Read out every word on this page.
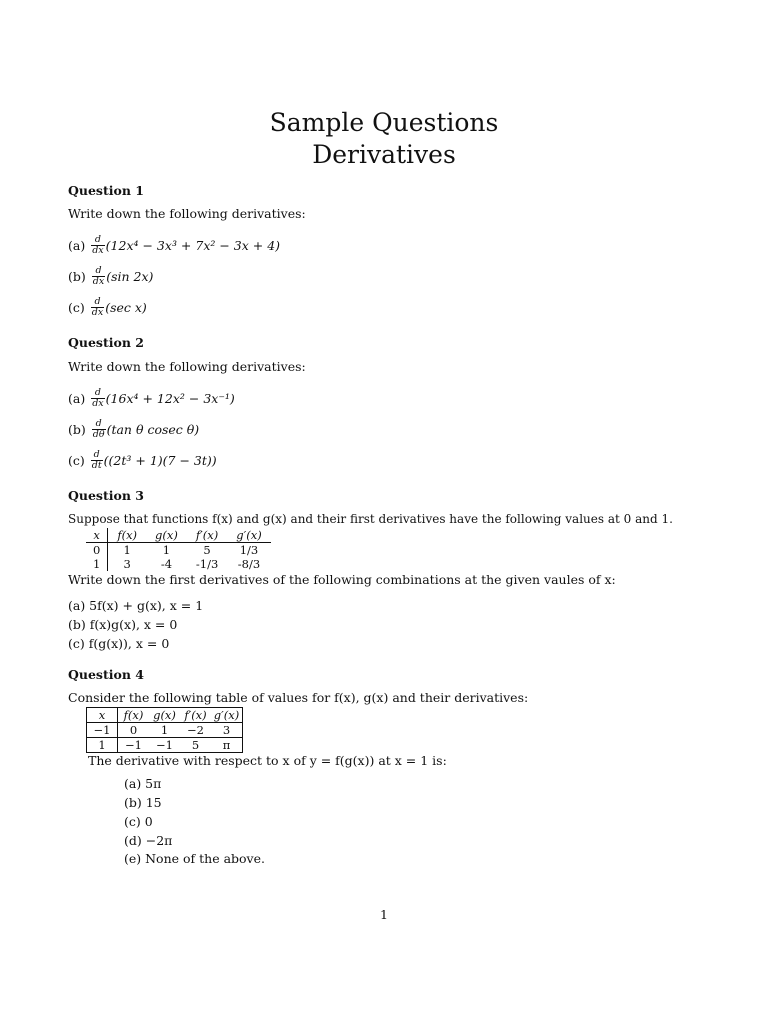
Sample Questions
Derivatives
Question 1
Write down the following derivatives:
$(a) \frac{d}{dx} (12x^4 - 3x^3 + 7x^2 - 3x + 4)$
$(b) \frac{d}{dx} (\sin$ 2x)
$(c) \frac{d}{dx} (\sec$ x)
Question 2
Write down the following derivatives:
$(a) \frac{d}{dx} (16x^4 + 12x^2 - 3x^{-1})$
$(b) \frac{d}{d\theta} (\tan$ θ cosec θ)
$(c) \frac{d}{dt} ((2t^3 + 1)(7 - 3t))$
Question 3
Suppose that functions f(x) and g(x) and their first derivatives have the following values at 0 and 1.
x	f(x)	g(x)	f′(x)	g′(x)
0	1	1	5	1/3
1	3	-4	-1/3	-8/3
Write down the first derivatives of the following combinations at the given vaules of x:
(a) 5f(x) + g(x), x = 1
(b) f(x)g(x), x = 0
(c) f(g(x)), x = 0
Question 4
Consider the following table of values for f(x), g(x) and their derivatives:
x	f(x)	g(x)	f′(x)	g′(x)
−1	0	1	−2	3
1	−1	−1	5	π
The derivative with respect to x of y = f(g(x)) at x = 1 is:
(a) 5π
(b) 15
(c) 0
(d) −2π
(e) None of the above.
1
